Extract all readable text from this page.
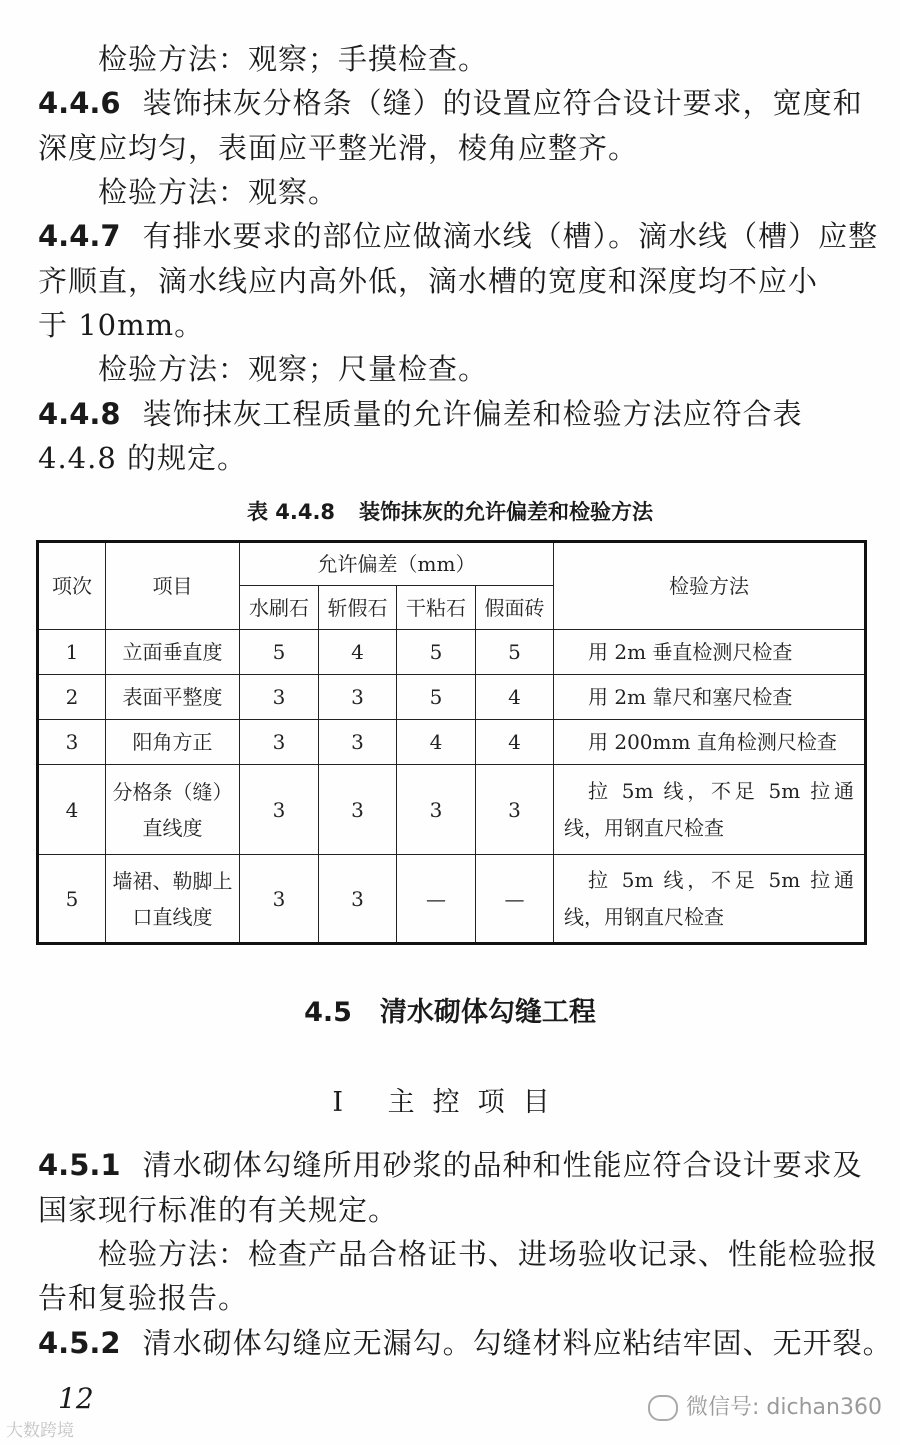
检验方法：观察；手摸检查。
4.4.6 装饰抹灰分格条（缝）的设置应符合设计要求，宽度和
深度应均匀，表面应平整光滑，棱角应整齐。
检验方法：观察。
4.4.7 有排水要求的部位应做滴水线（槽）。滴水线（槽）应整
齐顺直，滴水线应内高外低，滴水槽的宽度和深度均不应小
于 10mm。
检验方法：观察；尺量检查。
4.4.8 装饰抹灰工程质量的允许偏差和检验方法应符合表
4.4.8 的规定。
表 4.4.8 装饰抹灰的允许偏差和检验方法
项次	项目	允许偏差（mm）				检验方法
		水刷石	斩假石	干粘石	假面砖	
1	立面垂直度	5	4	5	5	用 2m 垂直检测尺检查
2	表面平整度	3	3	5	4	用 2m 靠尺和塞尺检查
3	阳角方正	3	3	4	4	用 200mm 直角检测尺检查
4	分格条（缝）直线度	3	3	3	3	拉 5m 线，不足 5m 拉通线，用钢直尺检查
5	墙裙、勒脚上口直线度	3	3	—	—	拉 5m 线，不足 5m 拉通线，用钢直尺检查
4.5 清水砌体勾缝工程
Ⅰ 主控项目
4.5.1 清水砌体勾缝所用砂浆的品种和性能应符合设计要求及
国家现行标准的有关规定。
检验方法：检查产品合格证书、进场验收记录、性能检验报
告和复验报告。
4.5.2 清水砌体勾缝应无漏勾。勾缝材料应粘结牢固、无开裂。
12	微信号: dichan360
大数跨境
